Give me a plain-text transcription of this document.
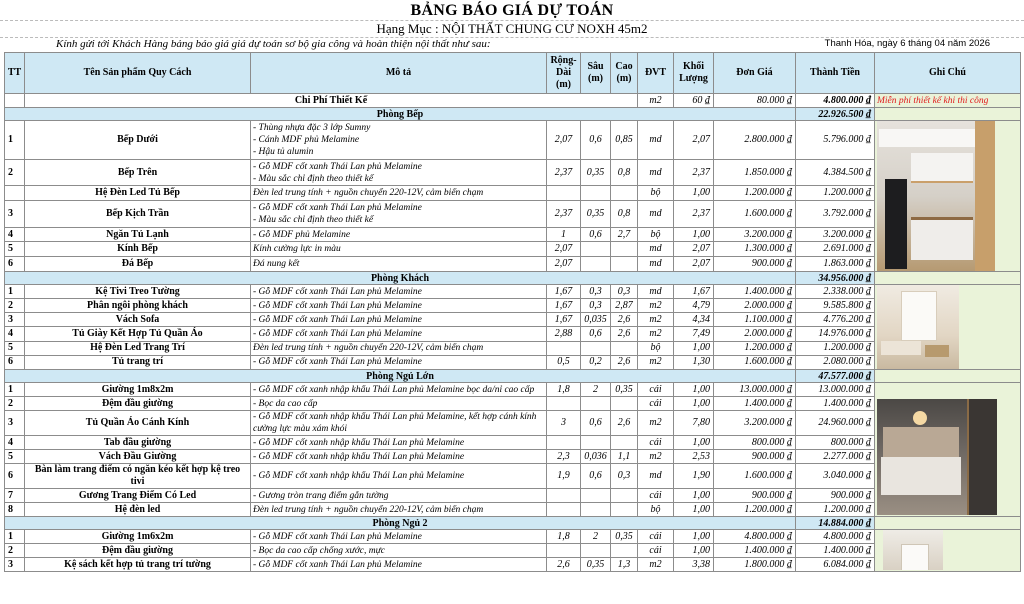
BẢNG BÁO GIÁ DỰ TOÁN
Hạng Mục : NỘI THẤT CHUNG CƯ NOXH 45m2
Kính gửi tới Khách Hàng bảng báo giá giá dự toán sơ bộ gia công và hoàn thiện nội thất như sau:	Thanh Hóa, ngày 6 tháng 04 năm 2026
TT	Tên Sản phẩm Quy Cách	Mô tả	Rộng-Dài (m)	Sâu (m)	Cao (m)	ĐVT	Khối Lượng	Đơn Giá	Thành Tiền	Ghi Chú
	Chi Phí Thiết Kế					m2	60 ₫	80.000 ₫	4.800.000 ₫	Miễn phí thiết kế khi thi công
Phòng Bếp									22.926.500 ₫	
1	Bếp Dưới	- Thùng nhựa đặc 3 lớp Sumny
- Cánh MDF phủ Melamine
- Hậu tủ alumin	2,07	0,6	0,85	md	2,07	2.800.000 ₫	5.796.000 ₫	

2	Bếp Trên	- Gỗ MDF cốt xanh Thái Lan phủ Melamine
- Màu sắc chỉ định theo thiết kế	2,37	0,35	0,8	md	2,37	1.850.000 ₫	4.384.500 ₫	
	Hệ Đèn Led Tủ Bếp	Đèn led trung tính + nguồn chuyển 220-12V, cảm biến chạm				bộ	1,00	1.200.000 ₫	1.200.000 ₫	
3	Bếp Kịch Trần	- Gỗ MDF cốt xanh Thái Lan phủ Melamine
- Màu sắc chỉ định theo thiết kế	2,37	0,35	0,8	md	2,37	1.600.000 ₫	3.792.000 ₫	
4	Ngăn Tủ Lạnh	- Gỗ MDF phủ Melamine	1	0,6	2,7	bộ	1,00	3.200.000 ₫	3.200.000 ₫	
5	Kính Bếp	Kính cường lực in màu	2,07			md	2,07	1.300.000 ₫	2.691.000 ₫	
6	Đá Bếp	Đá nung kết	2,07			md	2,07	900.000 ₫	1.863.000 ₫	
Phòng Khách									34.956.000 ₫	
1	Kệ Tivi Treo Tường	- Gỗ MDF cốt xanh Thái Lan phủ Melamine	1,67	0,3	0,3	md	1,67	1.400.000 ₫	2.338.000 ₫	

2	Phân ngôi phòng khách	- Gỗ MDF cốt xanh Thái Lan phủ Melamine	1,67	0,3	2,87	m2	4,79	2.000.000 ₫	9.585.800 ₫	
3	Vách Sofa	- Gỗ MDF cốt xanh Thái Lan phủ Melamine	1,67	0,035	2,6	m2	4,34	1.100.000 ₫	4.776.200 ₫	
4	Tủ Giày Kết Hợp Tủ Quần Áo	- Gỗ MDF cốt xanh Thái Lan phủ Melamine	2,88	0,6	2,6	m2	7,49	2.000.000 ₫	14.976.000 ₫	
5	Hệ Đèn Led Trang Trí	Đèn led trung tính + nguồn chuyển 220-12V, cảm biến chạm				bộ	1,00	1.200.000 ₫	1.200.000 ₫	
6	Tủ trang trí	- Gỗ MDF cốt xanh Thái Lan phủ Melamine	0,5	0,2	2,6	m2	1,30	1.600.000 ₫	2.080.000 ₫	
Phòng Ngủ Lớn									47.577.000 ₫	
1	Giường 1m8x2m	- Gỗ MDF cốt xanh nhập khẩu Thái Lan phủ Melamine bọc da/nỉ cao cấp	1,8	2	0,35	cái	1,00	13.000.000 ₫	13.000.000 ₫	

2	Đệm đầu giường	- Bọc da cao cấp				cái	1,00	1.400.000 ₫	1.400.000 ₫	
3	Tủ Quần Áo Cánh Kính	- Gỗ MDF cốt xanh nhập khẩu Thái Lan phủ Melamine, kết hợp cánh kính cường lực màu xám khói	3	0,6	2,6	m2	7,80	3.200.000 ₫	24.960.000 ₫	
4	Tab đầu giường	- Gỗ MDF cốt xanh nhập khẩu Thái Lan phủ Melamine				cái	1,00	800.000 ₫	800.000 ₫	
5	Vách Đầu Giường	- Gỗ MDF cốt xanh nhập khẩu Thái Lan phủ Melamine	2,3	0,036	1,1	m2	2,53	900.000 ₫	2.277.000 ₫	
6	Bàn làm trang điểm có ngăn kéo kết hợp kệ treo tivi	- Gỗ MDF cốt xanh nhập khẩu Thái Lan phủ Melamine	1,9	0,6	0,3	md	1,90	1.600.000 ₫	3.040.000 ₫	
7	Gương Trang Điểm Có Led	- Gương tròn trang điểm gắn tường				cái	1,00	900.000 ₫	900.000 ₫	
8	Hệ đèn led	Đèn led trung tính + nguồn chuyển 220-12V, cảm biến chạm				bộ	1,00	1.200.000 ₫	1.200.000 ₫	
Phòng Ngủ 2									14.884.000 ₫	
1	Giường 1m6x2m	- Gỗ MDF cốt xanh Thái Lan phủ Melamine	1,8	2	0,35	cái	1,00	4.800.000 ₫	4.800.000 ₫	

2	Đệm đầu giường	- Bọc da cao cấp chống xước, mực				cái	1,00	1.400.000 ₫	1.400.000 ₫	
3	Kệ sách kết hợp tủ trang trí tường	- Gỗ MDF cốt xanh Thái Lan phủ Melamine	2,6	0,35	1,3	m2	3,38	1.800.000 ₫	6.084.000 ₫	
